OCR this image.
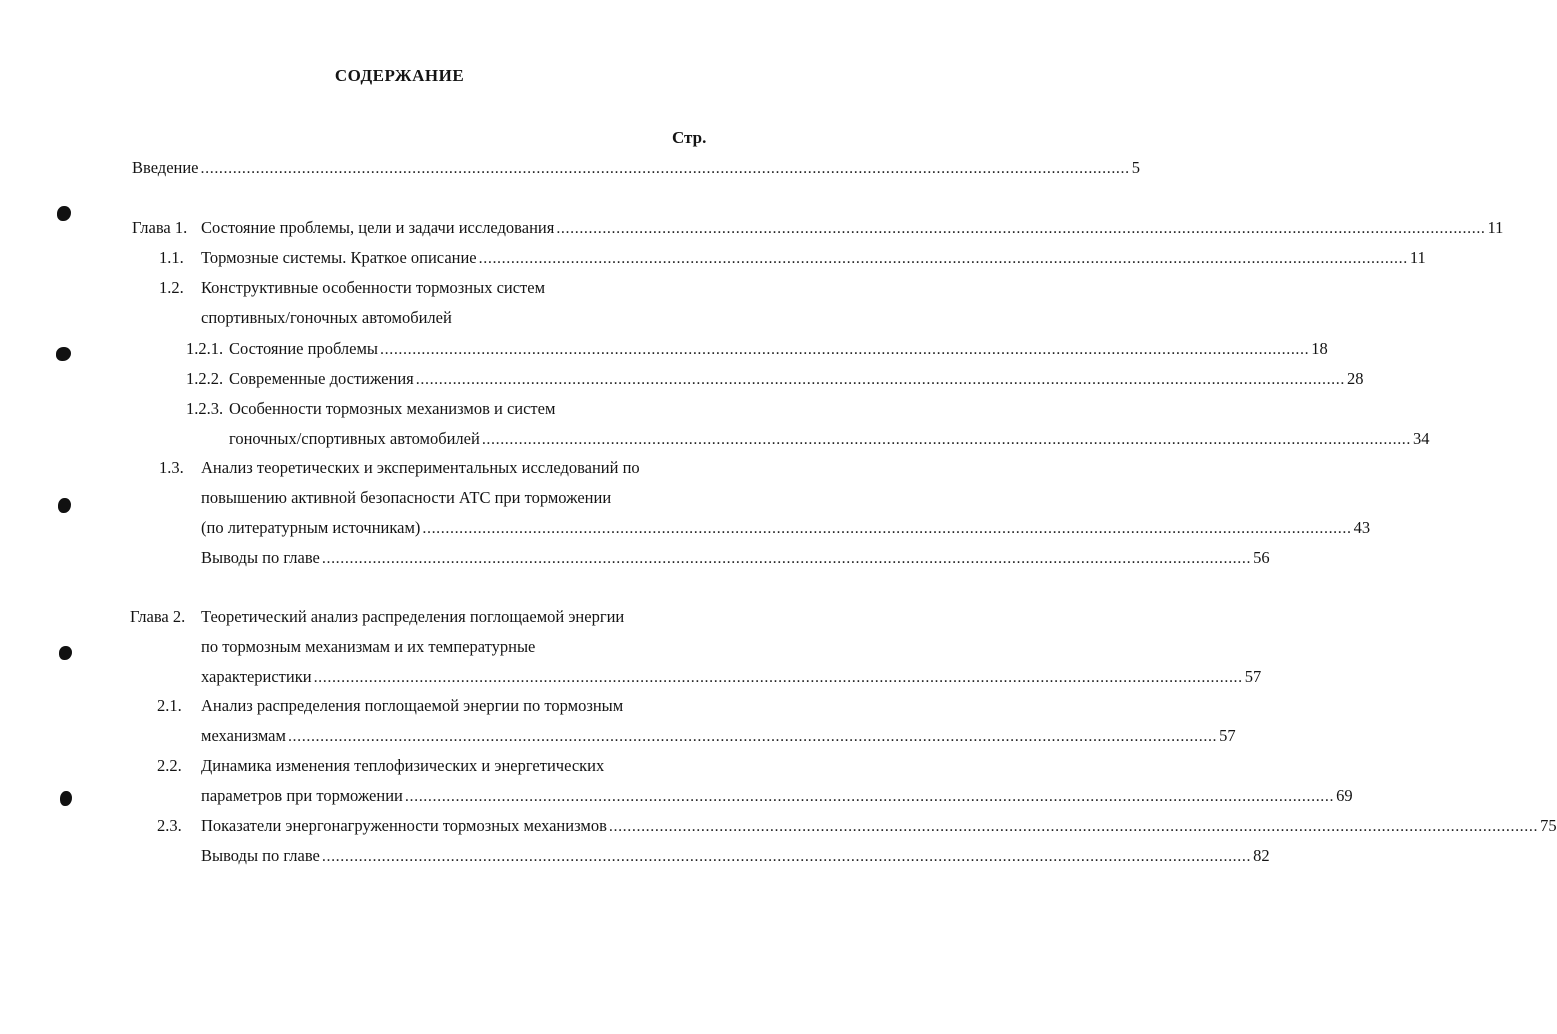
СОДЕРЖАНИЕ
Стр.
Введение .......................................................................................................................................................................................................... 5
Глава 1. Состояние проблемы, цели и задачи исследования .......................................................................................................................................................................................................... 11
1.1. Тормозные системы. Краткое описание .......................................................................................................................................................................................................... 11
1.2. Конструктивные особенности тормозных систем
спортивных/гоночных автомобилей
1.2.1. Состояние проблемы .......................................................................................................................................................................................................... 18
1.2.2. Современные достижения .......................................................................................................................................................................................................... 28
1.2.3. Особенности тормозных механизмов и систем
гоночных/спортивных автомобилей .......................................................................................................................................................................................................... 34
1.3. Анализ теоретических и экспериментальных исследований по
повышению активной безопасности АТС при торможении
(по литературным источникам) .......................................................................................................................................................................................................... 43
Выводы по главе .......................................................................................................................................................................................................... 56
Глава 2. Теоретический анализ распределения поглощаемой энергии
по тормозным механизмам и их температурные
характеристики .......................................................................................................................................................................................................... 57
2.1. Анализ распределения поглощаемой энергии по тормозным
механизмам .......................................................................................................................................................................................................... 57
2.2. Динамика изменения теплофизических и энергетических
параметров при торможении .......................................................................................................................................................................................................... 69
2.3. Показатели энергонагруженности тормозных механизмов .......................................................................................................................................................................................................... 75
Выводы по главе .......................................................................................................................................................................................................... 82
